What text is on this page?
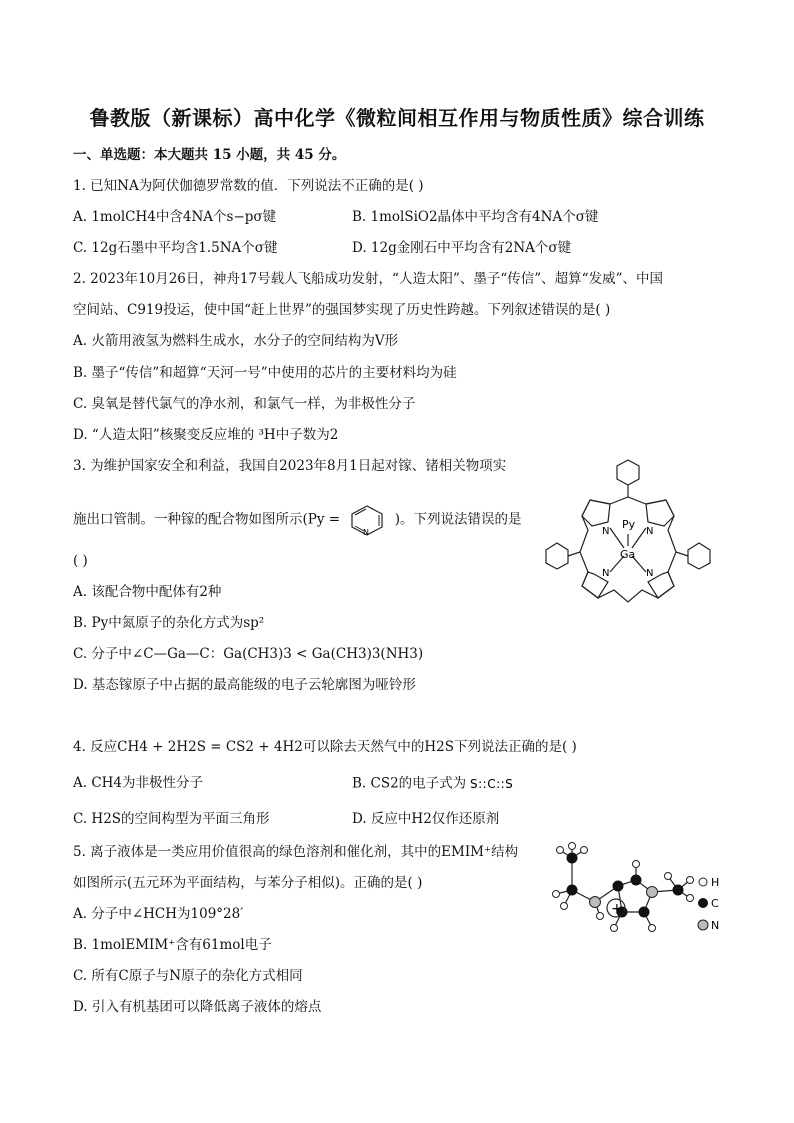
鲁教版（新课标）高中化学《微粒间相互作用与物质性质》综合训练
一、单选题：本大题共 15 小题，共 45 分。
1. 已知NA为阿伏伽德罗常数的值．下列说法不正确的是( )
A. 1molCH4中含4NA个s−pσ键	B. 1molSiO2晶体中平均含有4NA个σ键
C. 12g石墨中平均含1.5NA个σ键	D. 12g金刚石中平均含有2NA个σ键
2. 2023年10月26日，神舟17号载人飞船成功发射，“人造太阳”、墨子“传信”、超算“发威”、中国
空间站、C919投运，使中国“赶上世界”的强国梦实现了历史性跨越。下列叙述错误的是( )
A. 火箭用液氢为燃料生成水，水分子的空间结构为V形
B. 墨子“传信”和超算“天河一号”中使用的芯片的主要材料均为硅
C. 臭氧是替代氯气的净水剂，和氯气一样，为非极性分子
D. “人造太阳”核聚变反应堆的 ³H中子数为2
3. 为维护国家安全和利益，我国自2023年8月1日起对镓、锗相关物项实
施出口管制。一种镓的配合物如图所示(Py =
N
)。下列说法错误的是
( )
A. 该配合物中配体有2种
B. Py中氮原子的杂化方式为sp²
C. 分子中∠C—Ga—C：Ga(CH3)3 < Ga(CH3)3(NH3)
D. 基态镓原子中占据的最高能级的电子云轮廓图为哑铃形
Py
Ga
N	N
N	N
4. 反应CH4 + 2H2S = CS2 + 4H2可以除去天然气中的H2S下列说法正确的是( )
A. CH4为非极性分子	B. CS2的电子式为 S::C::S
C. H2S的空间构型为平面三角形	D. 反应中H2仅作还原剂
5. 离子液体是一类应用价值很高的绿色溶剂和催化剂，其中的EMIM⁺结构
如图所示(五元环为平面结构，与苯分子相似)。正确的是( )
A. 分子中∠HCH为109°28′
B. 1molEMIM⁺含有61mol电子
C. 所有C原子与N原子的杂化方式相同
D. 引入有机基团可以降低离子液体的熔点
+
H
C
N
